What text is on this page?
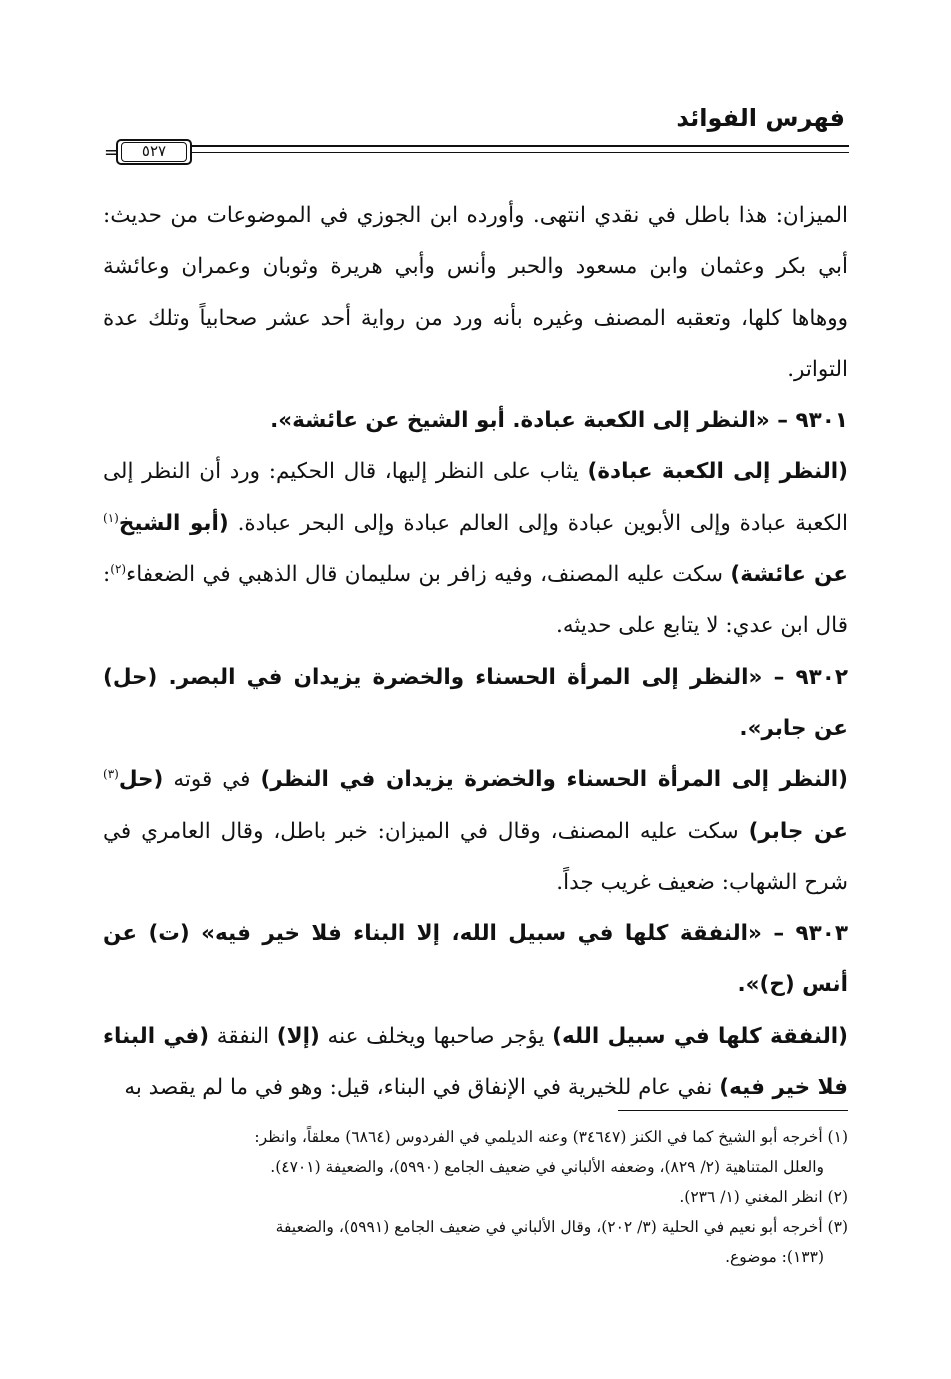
فهرس الفوائد
=	٥٢٧

الميزان: هذا باطل في نقدي انتهى. وأورده ابن الجوزي في الموضوعات من حديث: أبي بكر وعثمان وابن مسعود والحبر وأنس وأبي هريرة وثوبان وعمران وعائشة ووهاها كلها، وتعقبه المصنف وغيره بأنه ورد من رواية أحد عشر صحابياً وتلك عدة التواتر.

٩٣٠١ – «النظر إلى الكعبة عبادة. أبو الشيخ عن عائشة».

(النظر إلى الكعبة عبادة) يثاب على النظر إليها، قال الحكيم: ورد أن النظر إلى الكعبة عبادة وإلى الأبوين عبادة وإلى العالم عبادة وإلى البحر عبادة. (أبو الشيخ$^{(١)}$ عن عائشة) سكت عليه المصنف، وفيه زافر بن سليمان قال الذهبي في الضعفاء$^{(٢)}$: قال ابن عدي: لا يتابع على حديثه.

٩٣٠٢ – «النظر إلى المرأة الحسناء والخضرة يزيدان في البصر. (حل) عن جابر».

(النظر إلى المرأة الحسناء والخضرة يزيدان في النظر) في قوته (حل$^{(٣)}$ عن جابر) سكت عليه المصنف، وقال في الميزان: خبر باطل، وقال العامري في شرح الشهاب: ضعيف غريب جداً.

٩٣٠٣ – «النفقة كلها في سبيل الله، إلا البناء فلا خير فيه» (ت) عن أنس (ح)».

(النفقة كلها في سبيل الله) يؤجر صاحبها ويخلف عنه (إلا) النفقة (في البناء فلا خير فيه) نفي عام للخيرية في الإنفاق في البناء، قيل: وهو في ما لم يقصد به

(١) أخرجه أبو الشيخ كما في الكنز (٣٤٦٤٧) وعنه الديلمي في الفردوس (٦٨٦٤) معلقاً، وانظر:

والعلل المتناهية (٢/ ٨٢٩)، وضعفه الألباني في ضعيف الجامع (٥٩٩٠)، والضعيفة (٤٧٠١).

(٢) انظر المغني (١/ ٢٣٦).

(٣) أخرجه أبو نعيم في الحلية (٣/ ٢٠٢)، وقال الألباني في ضعيف الجامع (٥٩٩١)، والضعيفة

(١٣٣): موضوع.
